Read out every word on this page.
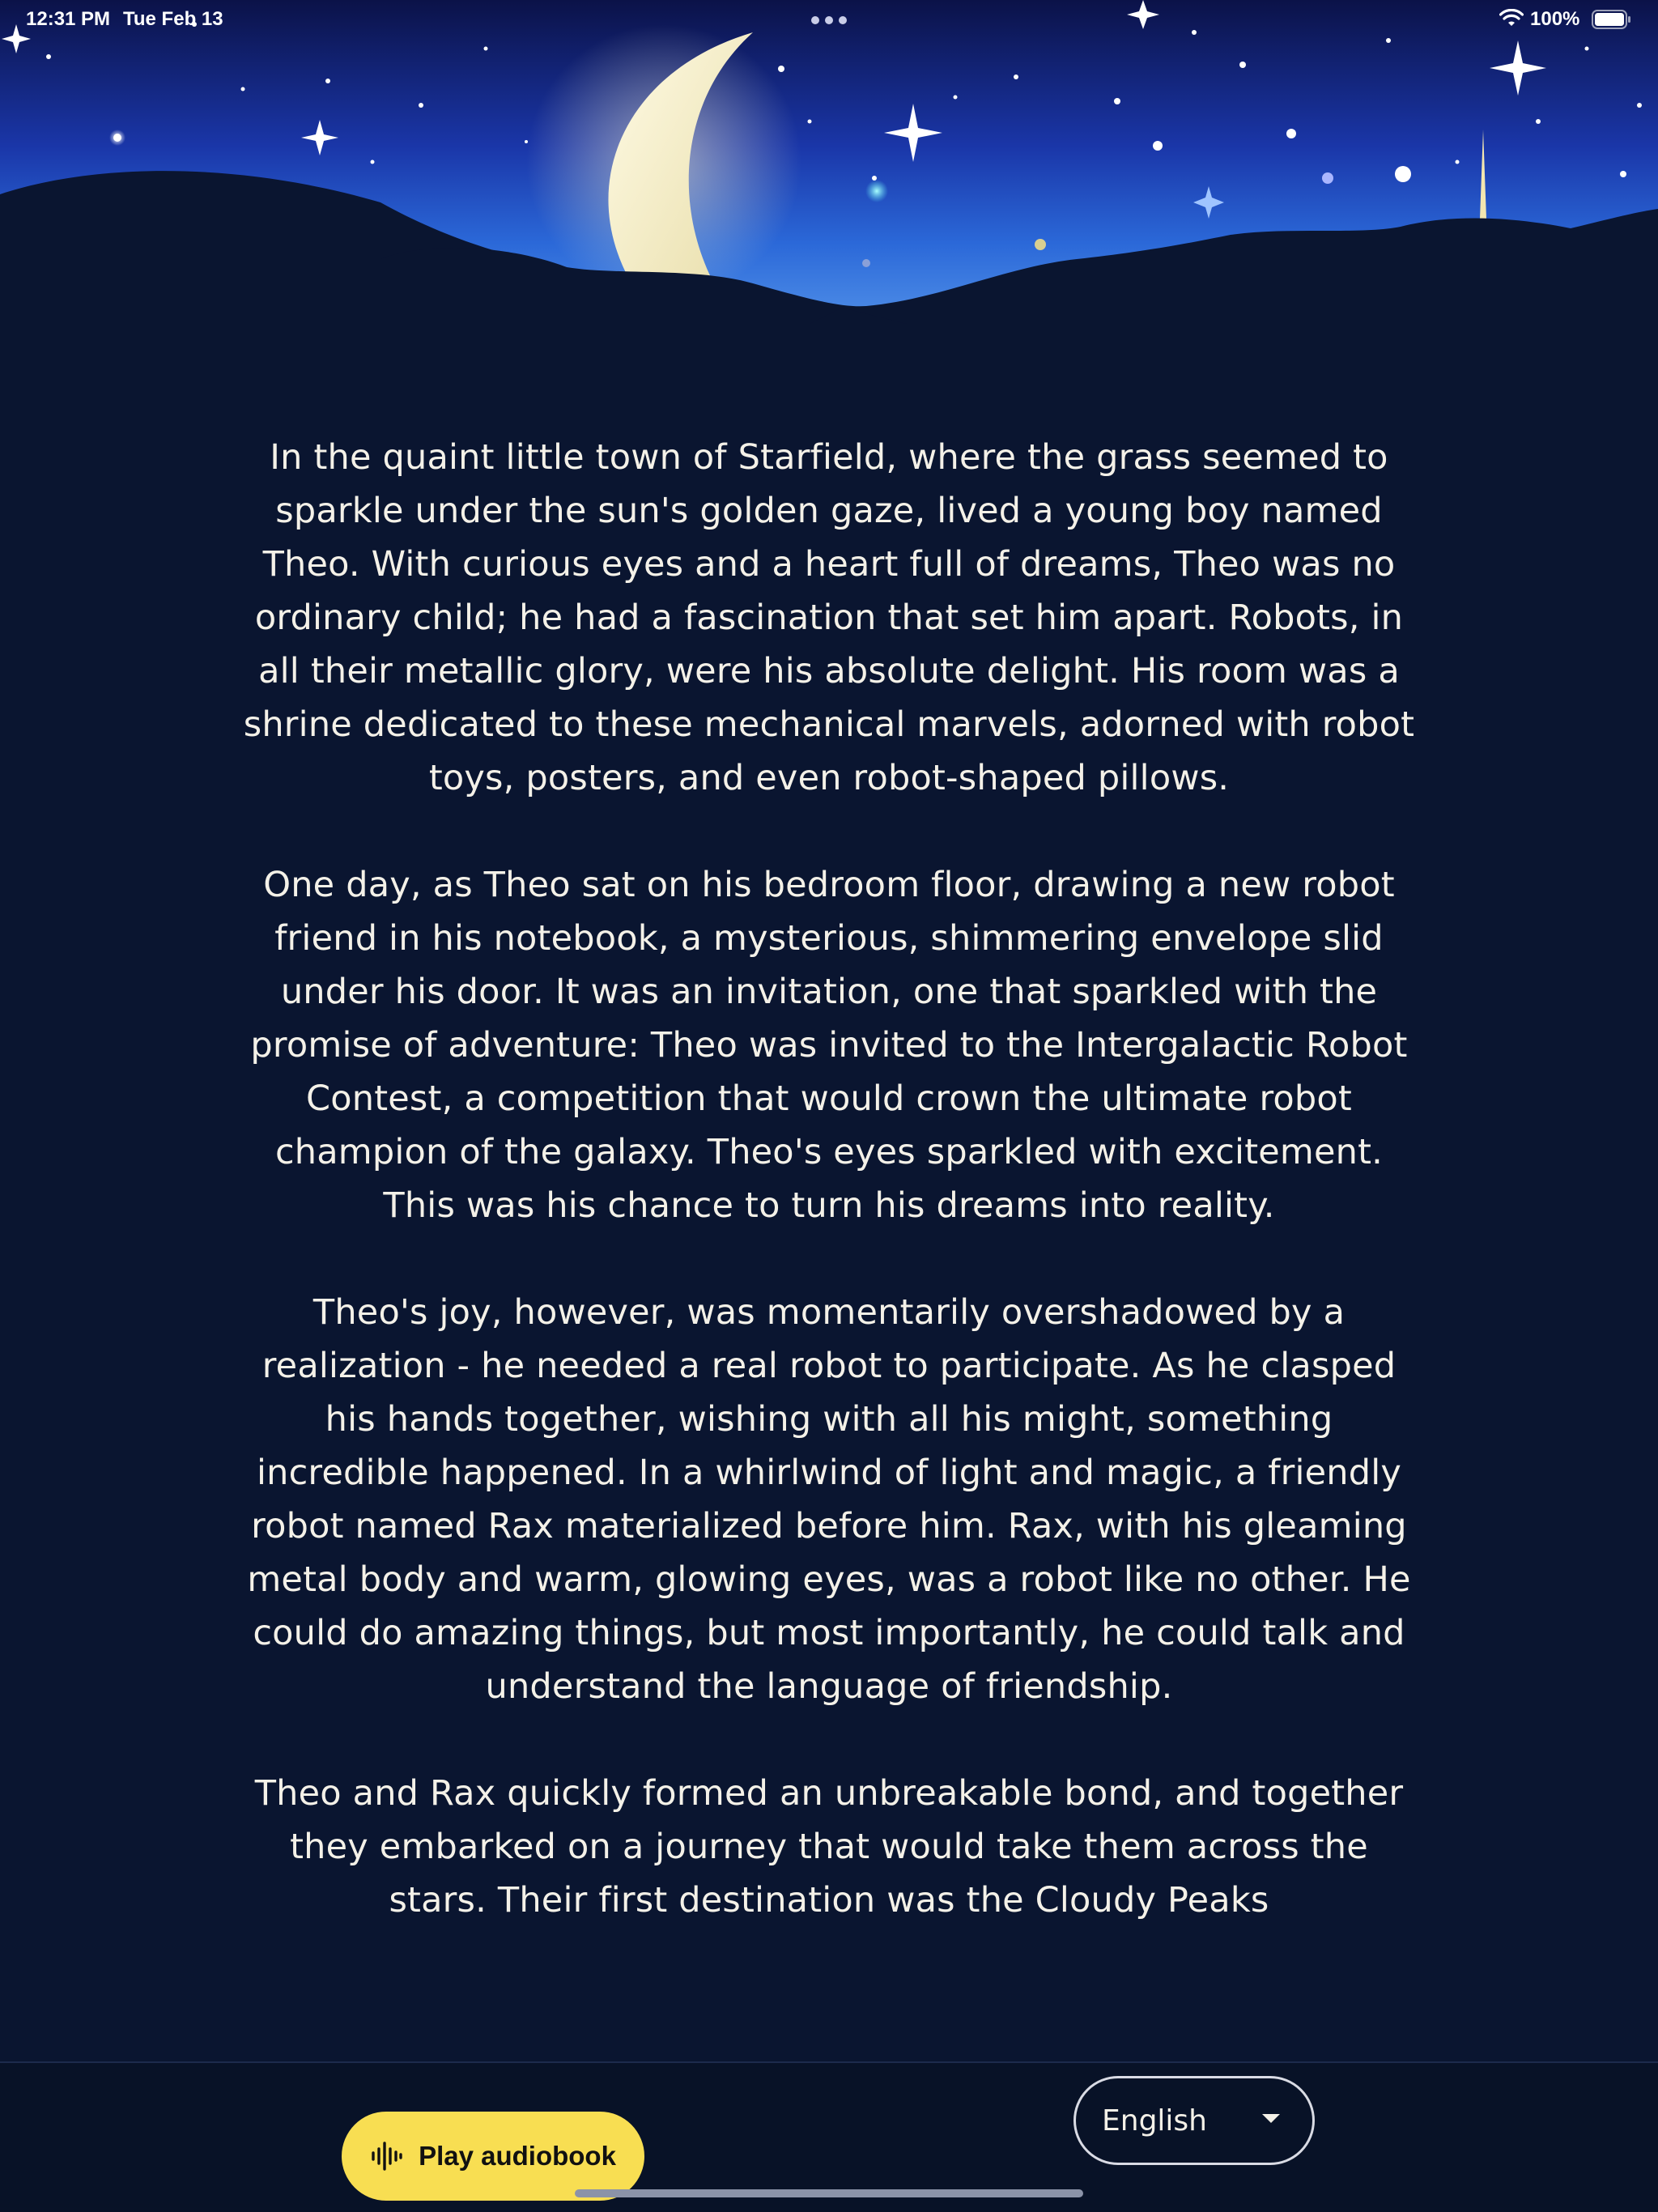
12:31 PM Tue Feb 13	100%

In the quaint little town of Starfield, where the grass seemed to sparkle under the sun's golden gaze, lived a young boy named Theo. With curious eyes and a heart full of dreams, Theo was no ordinary child; he had a fascination that set him apart. Robots, in all their metallic glory, were his absolute delight. His room was a shrine dedicated to these mechanical marvels, adorned with robot toys, posters, and even robot-shaped pillows.

One day, as Theo sat on his bedroom floor, drawing a new robot friend in his notebook, a mysterious, shimmering envelope slid under his door. It was an invitation, one that sparkled with the promise of adventure: Theo was invited to the Intergalactic Robot Contest, a competition that would crown the ultimate robot champion of the galaxy. Theo's eyes sparkled with excitement. This was his chance to turn his dreams into reality.

Theo's joy, however, was momentarily overshadowed by a realization - he needed a real robot to participate. As he clasped his hands together, wishing with all his might, something incredible happened. In a whirlwind of light and magic, a friendly robot named Rax materialized before him. Rax, with his gleaming metal body and warm, glowing eyes, was a robot like no other. He could do amazing things, but most importantly, he could talk and understand the language of friendship.

Theo and Rax quickly formed an unbreakable bond, and together they embarked on a journey that would take them across the stars. Their first destination was the Cloudy Peaks

Play audiobook
English
